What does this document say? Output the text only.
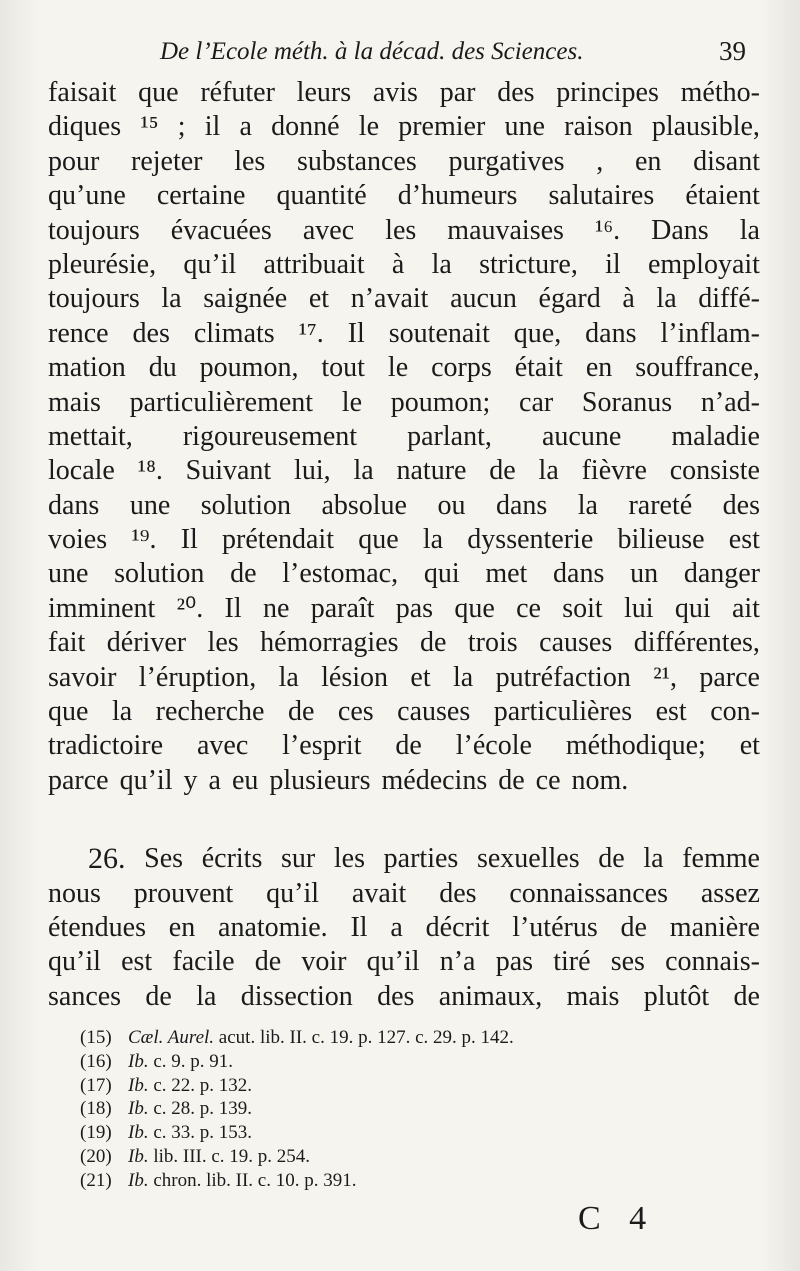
De l’Ecole méth. à la décad. des Sciences.	39
faisait que réfuter leurs avis par des principes métho-
diques ¹⁵ ; il a donné le premier une raison plausible,
pour rejeter les substances purgatives , en disant
qu’une certaine quantité d’humeurs salutaires étaient
toujours évacuées avec les mauvaises ¹⁶. Dans la
pleurésie, qu’il attribuait à la stricture, il employait
toujours la saignée et n’avait aucun égard à la diffé-
rence des climats ¹⁷. Il soutenait que, dans l’inflam-
mation du poumon, tout le corps était en souffrance,
mais particulièrement le poumon; car Soranus n’ad-
mettait, rigoureusement parlant, aucune maladie
locale ¹⁸. Suivant lui, la nature de la fièvre consiste
dans une solution absolue ou dans la rareté des
voies ¹⁹. Il prétendait que la dyssenterie bilieuse est
une solution de l’estomac, qui met dans un danger
imminent ²⁰. Il ne paraît pas que ce soit lui qui ait
fait dériver les hémorragies de trois causes différentes,
savoir l’éruption, la lésion et la putréfaction ²¹, parce
que la recherche de ces causes particulières est con-
tradictoire avec l’esprit de l’école méthodique; et
parce qu’il y a eu plusieurs médecins de ce nom.
26. Ses écrits sur les parties sexuelles de la femme
nous prouvent qu’il avait des connaissances assez
étendues en anatomie. Il a décrit l’utérus de manière
qu’il est facile de voir qu’il n’a pas tiré ses connais-
sances de la dissection des animaux, mais plutôt de
(15) Cæl. Aurel. acut. lib. II. c. 19. p. 127. c. 29. p. 142.
(16) Ib. c. 9. p. 91.
(17) Ib. c. 22. p. 132.
(18) Ib. c. 28. p. 139.
(19) Ib. c. 33. p. 153.
(20) Ib. lib. III. c. 19. p. 254.
(21) Ib. chron. lib. II. c. 10. p. 391.
C 4
